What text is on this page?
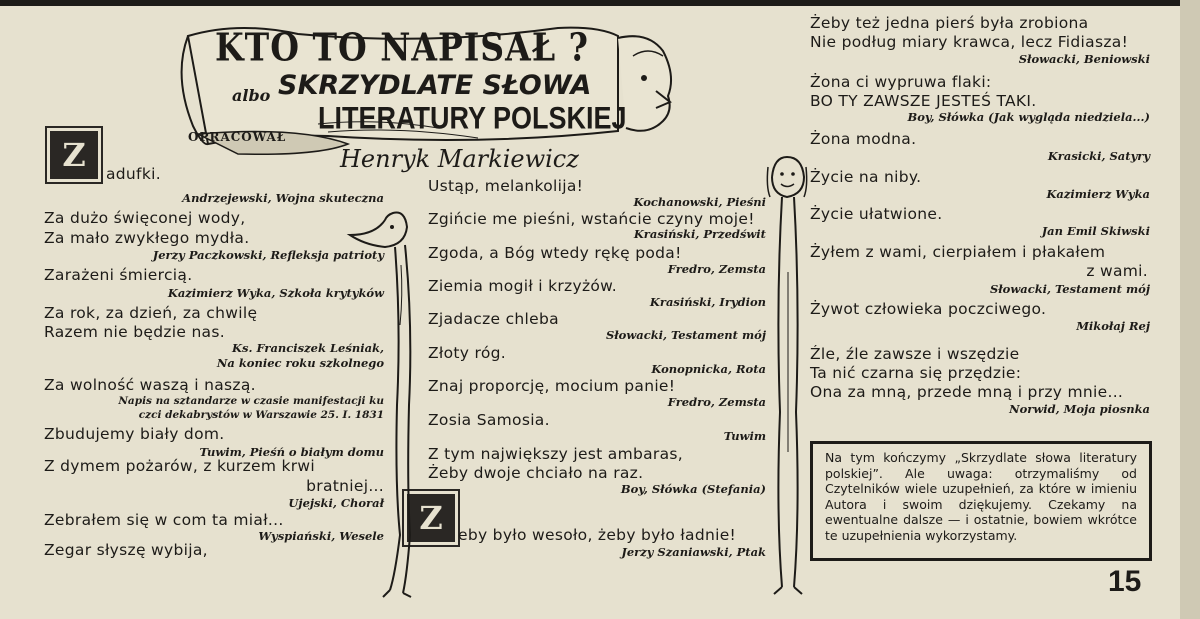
KTO TO NAPISAŁ ?
albo SKRZYDLATE SŁOWA
LITERATURY POLSKIEJ
OPRACOWAŁ
Henryk Markiewicz
Z
Z
adufki.
Andrzejewski, Wojna skuteczna
Za dużo święconej wody,
Za mało zwykłego mydła.
Jerzy Paczkowski, Refleksja patrioty
Zarażeni śmiercią.
Kazimierz Wyka, Szkoła krytyków
Za rok, za dzień, za chwilę
Razem nie będzie nas.
Ks. Franciszek Leśniak,
Na koniec roku szkolnego
Za wolność waszą i naszą.
Napis na sztandarze w czasie manifestacji ku
czci dekabrystów w Warszawie 25. I. 1831
Zbudujemy biały dom.
Tuwim, Pieśń o białym domu
Z dymem pożarów, z kurzem krwi
bratniej...
Ujejski, Chorał
Zebrałem się w com ta miał...
Wyspiański, Wesele
Zegar słyszę wybija,
Ustąp, melankolija!
Kochanowski, Pieśni
Zgińcie me pieśni, wstańcie czyny moje!
Krasiński, Przedświt
Zgoda, a Bóg wtedy rękę poda!
Fredro, Zemsta
Ziemia mogił i krzyżów.
Krasiński, Irydion
Zjadacze chleba
Słowacki, Testament mój
Złoty róg.
Konopnicka, Rota
Znaj proporcję, mocium panie!
Fredro, Zemsta
Zosia Samosia.
Tuwim
Z tym największy jest ambaras,
Żeby dwoje chciało na raz.
Boy, Słówka (Stefania)
eby było wesoło, żeby było ładnie!
Jerzy Szaniawski, Ptak
Żeby też jedna pierś była zrobiona
Nie podług miary krawca, lecz Fidiasza!
Słowacki, Beniowski
Żona ci wypruwa flaki:
BO TY ZAWSZE JESTEŚ TAKI.
Boy, Słówka (Jak wygląda niedziela...)
Żona modna.
Krasicki, Satyry
Życie na niby.
Kazimierz Wyka
Życie ułatwione.
Jan Emil Skiwski
Żyłem z wami, cierpiałem i płakałem
z wami.
Słowacki, Testament mój
Żywot człowieka poczciwego.
Mikołaj Rej
Źle, źle zawsze i wszędzie
Ta nić czarna się przędzie:
Ona za mną, przede mną i przy mnie...
Norwid, Moja piosnka
Na tym kończymy „Skrzydlate słowa literatury polskiej”. Ale uwaga: otrzymaliśmy od Czytelników wiele uzupełnień, za które w imieniu Autora i swoim dziękujemy. Czekamy na ewentualne dalsze — i ostatnie, bowiem wkrótce te uzupełnienia wykorzystamy.
15
